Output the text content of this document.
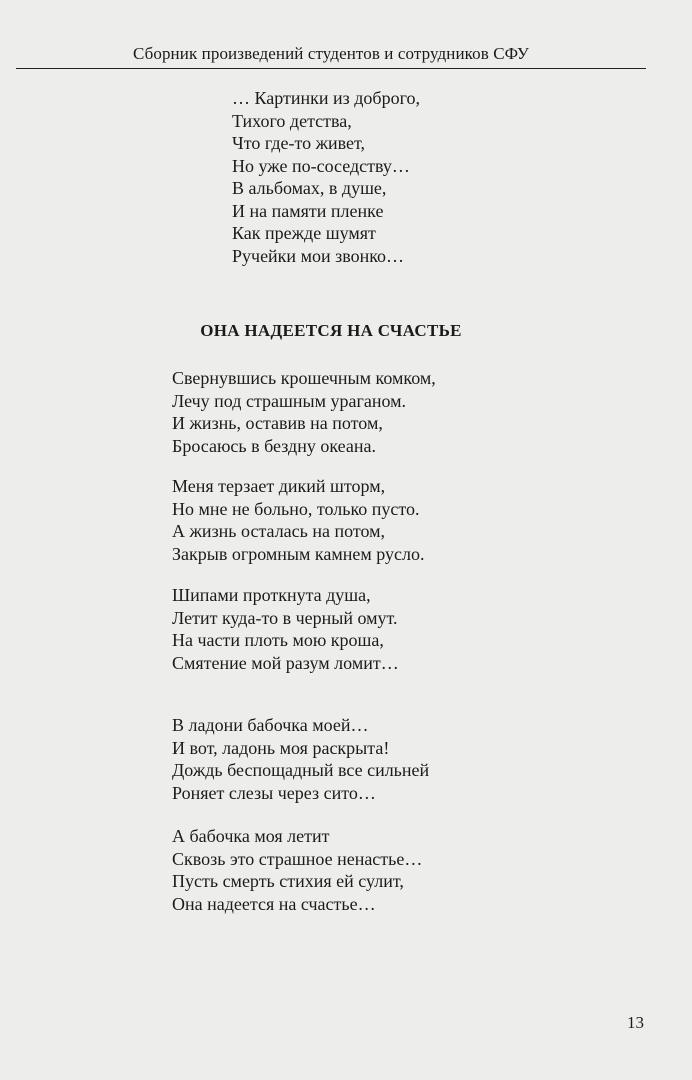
Сборник произведений студентов и сотрудников СФУ
… Картинки из доброго,
Тихого детства,
Что где-то живет,
Но уже по-соседству…
В альбомах, в душе,
И на памяти пленке
Как прежде шумят
Ручейки мои звонко…
ОНА НАДЕЕТСЯ НА СЧАСТЬЕ
Свернувшись крошечным комком,
Лечу под страшным ураганом.
И жизнь, оставив на потом,
Бросаюсь в бездну океана.
Меня терзает дикий шторм,
Но мне не больно, только пусто.
А жизнь осталась на потом,
Закрыв огромным камнем русло.
Шипами проткнута душа,
Летит куда-то в черный омут.
На части плоть мою кроша,
Смятение мой разум ломит…
В ладони бабочка моей…
И вот, ладонь моя раскрыта!
Дождь беспощадный все сильней
Роняет слезы через сито…
А бабочка моя летит
Сквозь это страшное ненастье…
Пусть смерть стихия ей сулит,
Она надеется на счастье…
13
